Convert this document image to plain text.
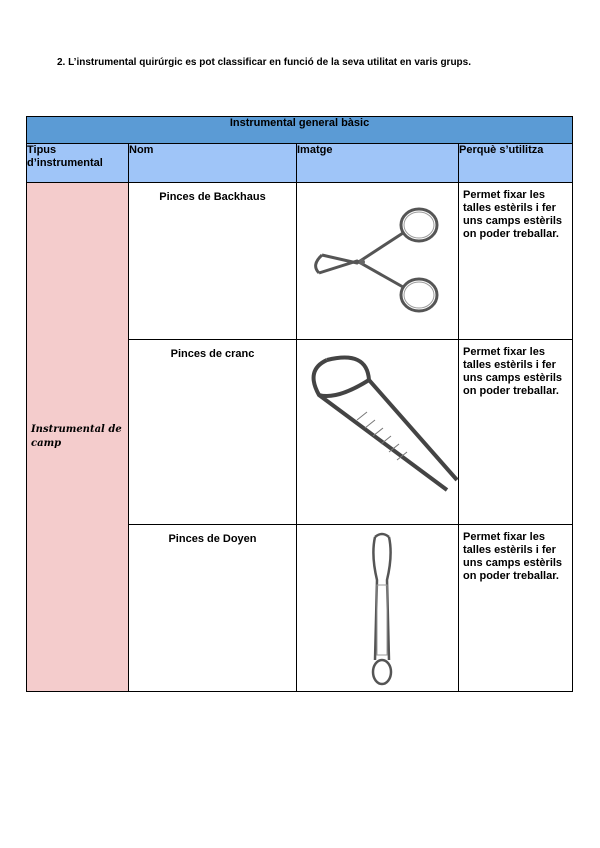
2. L’instrumental quirúrgic es pot classificar en funció de la seva utilitat en varis grups.
Instrumental general bàsic			
Tipus d’instrumental	Nom	Imatge	Perquè s’utilitza
Instrumental de camp	Pinces de Backhaus		Permet fixar les talles estèrils i fer uns camps estèrils on poder treballar.
	Pinces de cranc		Permet fixar les talles estèrils i fer uns camps estèrils on poder treballar.
	Pinces de Doyen		Permet fixar les talles estèrils i fer uns camps estèrils on poder treballar.
